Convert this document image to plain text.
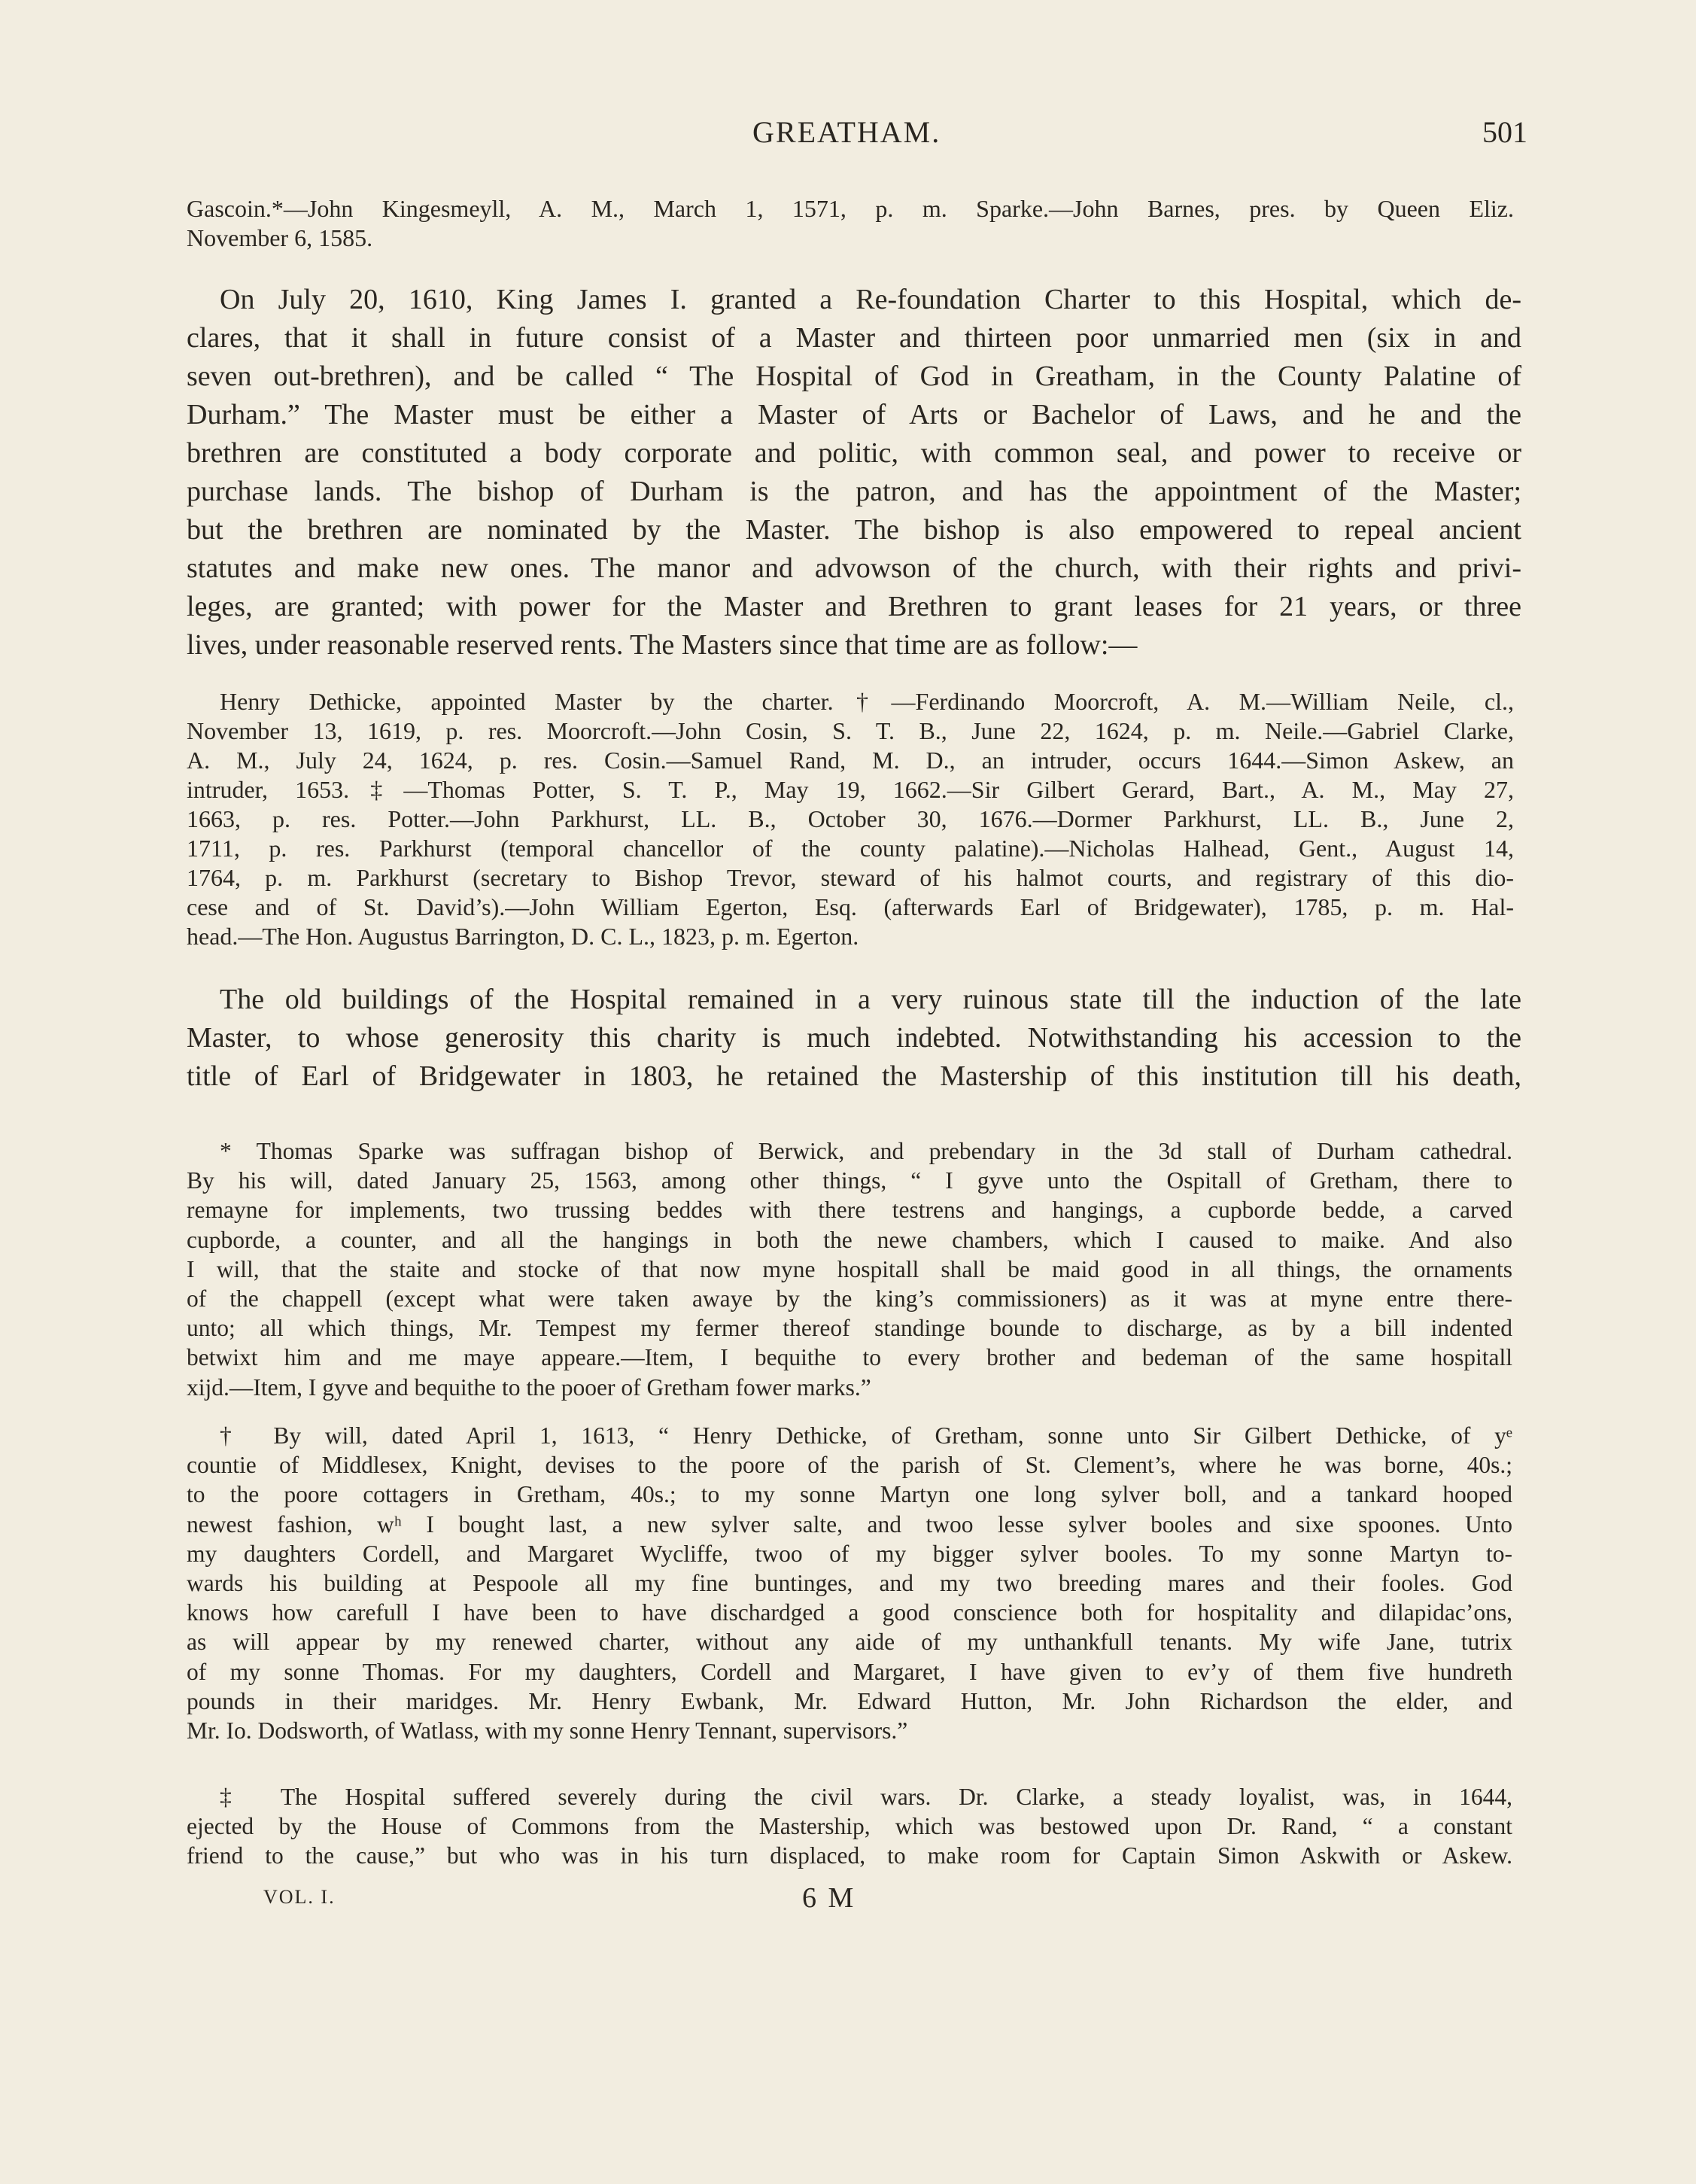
GREATHAM.	501
Gascoin.*—John Kingesmeyll, A. M., March 1, 1571, p. m. Sparke.—John Barnes, pres. by Queen Eliz.
November 6, 1585.
On July 20, 1610, King James I. granted a Re-foundation Charter to this Hospital, which de-
clares, that it shall in future consist of a Master and thirteen poor unmarried men (six in and
seven out-brethren), and be called “ The Hospital of God in Greatham, in the County Palatine of
Durham.” The Master must be either a Master of Arts or Bachelor of Laws, and he and the
brethren are constituted a body corporate and politic, with common seal, and power to receive or
purchase lands. The bishop of Durham is the patron, and has the appointment of the Master;
but the brethren are nominated by the Master. The bishop is also empowered to repeal ancient
statutes and make new ones. The manor and advowson of the church, with their rights and privi-
leges, are granted; with power for the Master and Brethren to grant leases for 21 years, or three
lives, under reasonable reserved rents. The Masters since that time are as follow:—
Henry Dethicke, appointed Master by the charter.†—Ferdinando Moorcroft, A. M.—William Neile, cl.,
November 13, 1619, p. res. Moorcroft.—John Cosin, S. T. B., June 22, 1624, p. m. Neile.—Gabriel Clarke,
A. M., July 24, 1624, p. res. Cosin.—Samuel Rand, M. D., an intruder, occurs 1644.—Simon Askew, an
intruder, 1653.‡—Thomas Potter, S. T. P., May 19, 1662.—Sir Gilbert Gerard, Bart., A. M., May 27,
1663, p. res. Potter.—John Parkhurst, LL. B., October 30, 1676.—Dormer Parkhurst, LL. B., June 2,
1711, p. res. Parkhurst (temporal chancellor of the county palatine).—Nicholas Halhead, Gent., August 14,
1764, p. m. Parkhurst (secretary to Bishop Trevor, steward of his halmot courts, and registrary of this dio-
cese and of St. David’s).—John William Egerton, Esq. (afterwards Earl of Bridgewater), 1785, p. m. Hal-
head.—The Hon. Augustus Barrington, D. C. L., 1823, p. m. Egerton.
The old buildings of the Hospital remained in a very ruinous state till the induction of the late
Master, to whose generosity this charity is much indebted. Notwithstanding his accession to the
title of Earl of Bridgewater in 1803, he retained the Mastership of this institution till his death,
* Thomas Sparke was suffragan bishop of Berwick, and prebendary in the 3d stall of Durham cathedral.
By his will, dated January 25, 1563, among other things, “ I gyve unto the Ospitall of Gretham, there to
remayne for implements, two trussing beddes with there testrens and hangings, a cupborde bedde, a carved
cupborde, a counter, and all the hangings in both the newe chambers, which I caused to maike. And also
I will, that the staite and stocke of that now myne hospitall shall be maid good in all things, the ornaments
of the chappell (except what were taken awaye by the king’s commissioners) as it was at myne entre there-
unto; all which things, Mr. Tempest my fermer thereof standinge bounde to discharge, as by a bill indented
betwixt him and me maye appeare.—Item, I bequithe to every brother and bedeman of the same hospitall
xijd.—Item, I gyve and bequithe to the pooer of Gretham fower marks.”
† By will, dated April 1, 1613, “ Henry Dethicke, of Gretham, sonne unto Sir Gilbert Dethicke, of yᵉ
countie of Middlesex, Knight, devises to the poore of the parish of St. Clement’s, where he was borne, 40s.;
to the poore cottagers in Gretham, 40s.; to my sonne Martyn one long sylver boll, and a tankard hooped
newest fashion, wʰ I bought last, a new sylver salte, and twoo lesse sylver booles and sixe spoones. Unto
my daughters Cordell, and Margaret Wycliffe, twoo of my bigger sylver booles. To my sonne Martyn to-
wards his building at Pespoole all my fine buntinges, and my two breeding mares and their fooles. God
knows how carefull I have been to have dischardged a good conscience both for hospitality and dilapidac’ons,
as will appear by my renewed charter, without any aide of my unthankfull tenants. My wife Jane, tutrix
of my sonne Thomas. For my daughters, Cordell and Margaret, I have given to ev’y of them five hundreth
pounds in their maridges. Mr. Henry Ewbank, Mr. Edward Hutton, Mr. John Richardson the elder, and
Mr. Io. Dodsworth, of Watlass, with my sonne Henry Tennant, supervisors.”
‡ The Hospital suffered severely during the civil wars. Dr. Clarke, a steady loyalist, was, in 1644,
ejected by the House of Commons from the Mastership, which was bestowed upon Dr. Rand, “ a constant
friend to the cause,” but who was in his turn displaced, to make room for Captain Simon Askwith or Askew.
VOL. I.	6 M
